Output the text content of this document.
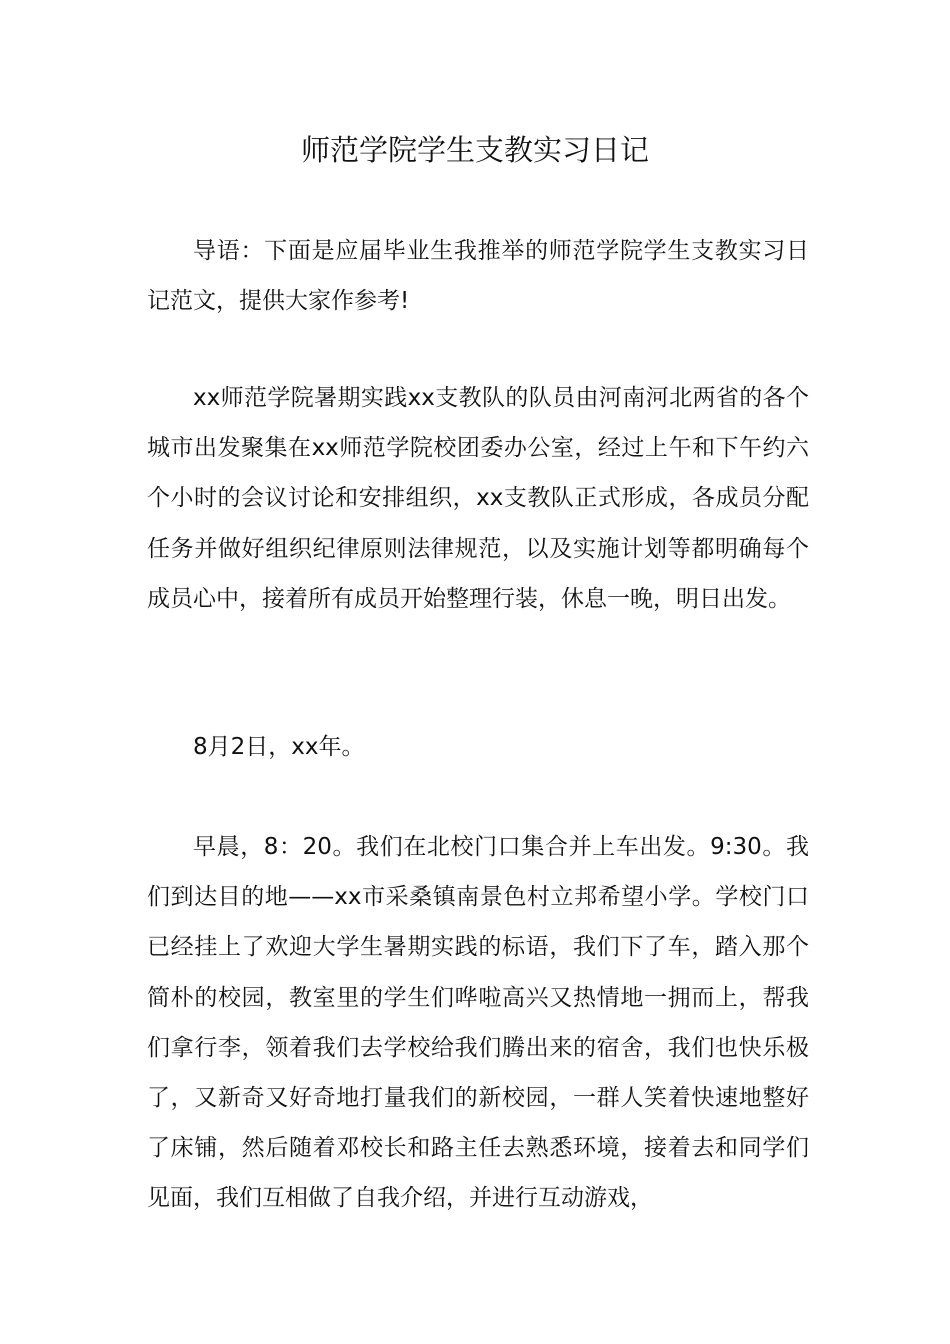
师范学院学生支教实习日记

导语：下面是应届毕业生我推举的师范学院学生支教实习日记范文，提供大家作参考!

xx师范学院暑期实践xx支教队的队员由河南河北两省的各个城市出发聚集在xx师范学院校团委办公室，经过上午和下午约六个小时的会议讨论和安排组织，xx支教队正式形成，各成员分配任务并做好组织纪律原则法律规范，以及实施计划等都明确每个成员心中，接着所有成员开始整理行装，休息一晚，明日出发。

8月2日，xx年。

早晨，8：20。我们在北校门口集合并上车出发。9:30。我们到达目的地——xx市采桑镇南景色村立邦希望小学。学校门口已经挂上了欢迎大学生暑期实践的标语，我们下了车，踏入那个简朴的校园，教室里的学生们哗啦高兴又热情地一拥而上，帮我们拿行李，领着我们去学校给我们腾出来的宿舍，我们也快乐极了，又新奇又好奇地打量我们的新校园，一群人笑着快速地整好了床铺，然后随着邓校长和路主任去熟悉环境，接着去和同学们见面，我们互相做了自我介绍，并进行互动游戏，
